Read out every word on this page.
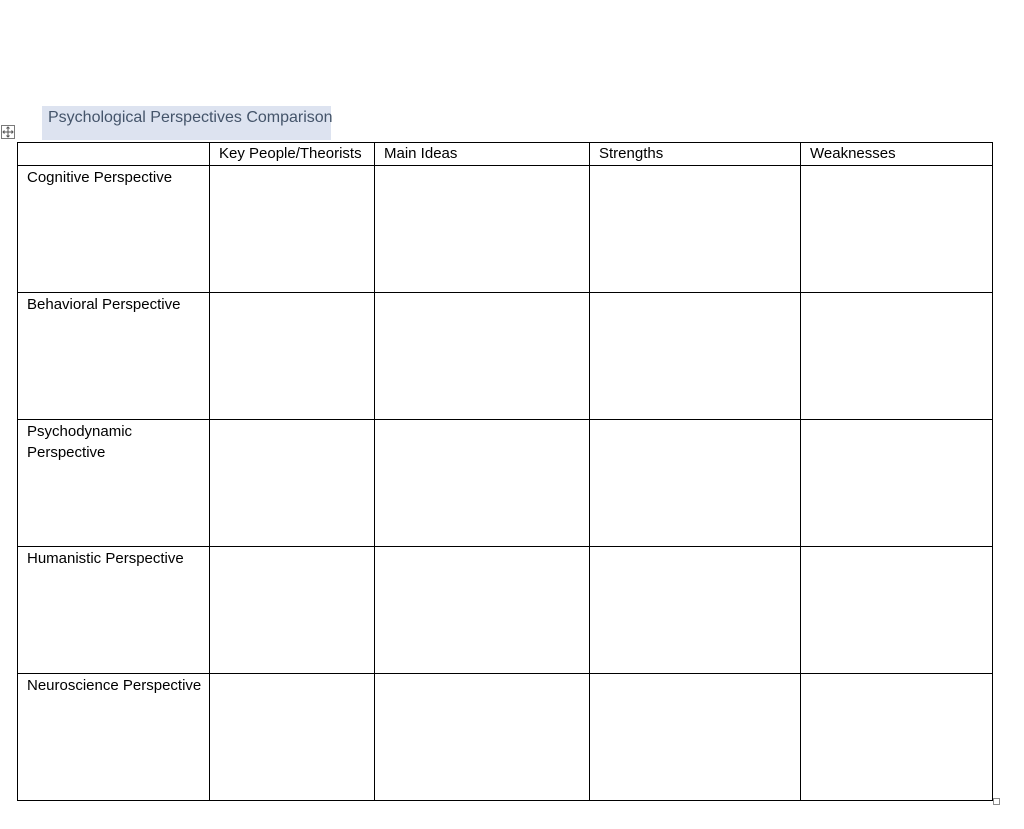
Psychological Perspectives Comparison
	Key People/Theorists	Main Ideas	Strengths	Weaknesses
Cognitive Perspective				
Behavioral Perspective				
Psychodynamic Perspective				
Humanistic Perspective				
Neuroscience Perspective				
